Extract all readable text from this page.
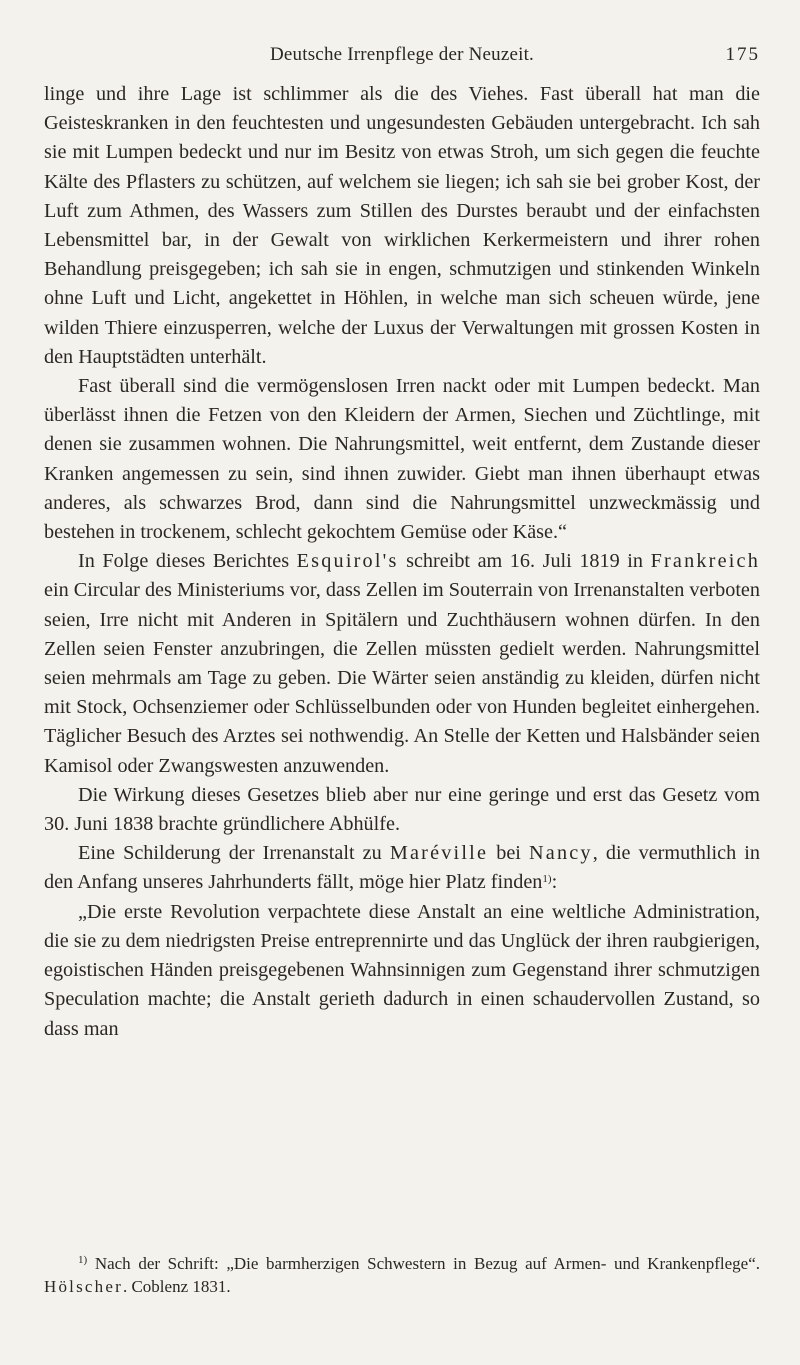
Deutsche Irrenpflege der Neuzeit.	175

linge und ihre Lage ist schlimmer als die des Viehes. Fast überall hat man die Geisteskranken in den feuchtesten und ungesundesten Gebäuden untergebracht. Ich sah sie mit Lumpen bedeckt und nur im Besitz von etwas Stroh, um sich gegen die feuchte Kälte des Pflasters zu schützen, auf welchem sie liegen; ich sah sie bei grober Kost, der Luft zum Athmen, des Wassers zum Stillen des Durstes beraubt und der einfachsten Lebensmittel bar, in der Gewalt von wirklichen Kerkermeistern und ihrer rohen Behandlung preisgegeben; ich sah sie in engen, schmutzigen und stinkenden Winkeln ohne Luft und Licht, angekettet in Höhlen, in welche man sich scheuen würde, jene wilden Thiere einzusperren, welche der Luxus der Verwaltungen mit grossen Kosten in den Hauptstädten unterhält.

Fast überall sind die vermögenslosen Irren nackt oder mit Lumpen bedeckt. Man überlässt ihnen die Fetzen von den Kleidern der Armen, Siechen und Züchtlinge, mit denen sie zusammen wohnen. Die Nahrungsmittel, weit entfernt, dem Zustande dieser Kranken angemessen zu sein, sind ihnen zuwider. Giebt man ihnen überhaupt etwas anderes, als schwarzes Brod, dann sind die Nahrungsmittel unzweckmässig und bestehen in trockenem, schlecht gekochtem Gemüse oder Käse.“

In Folge dieses Berichtes Esquirol's schreibt am 16. Juli 1819 in Frankreich ein Circular des Ministeriums vor, dass Zellen im Souterrain von Irrenanstalten verboten seien, Irre nicht mit Anderen in Spitälern und Zuchthäusern wohnen dürfen. In den Zellen seien Fenster anzubringen, die Zellen müssten gedielt werden. Nahrungsmittel seien mehrmals am Tage zu geben. Die Wärter seien anständig zu kleiden, dürfen nicht mit Stock, Ochsenziemer oder Schlüsselbunden oder von Hunden begleitet einhergehen. Täglicher Besuch des Arztes sei nothwendig. An Stelle der Ketten und Halsbänder seien Kamisol oder Zwangswesten anzuwenden.

Die Wirkung dieses Gesetzes blieb aber nur eine geringe und erst das Gesetz vom 30. Juni 1838 brachte gründlichere Abhülfe.

Eine Schilderung der Irrenanstalt zu Maréville bei Nancy, die vermuthlich in den Anfang unseres Jahrhunderts fällt, möge hier Platz finden$^{1)}$:

„Die erste Revolution verpachtete diese Anstalt an eine weltliche Administration, die sie zu dem niedrigsten Preise entreprennirte und das Unglück der ihren raubgierigen, egoistischen Händen preisgegebenen Wahnsinnigen zum Gegenstand ihrer schmutzigen Speculation machte; die Anstalt gerieth dadurch in einen schaudervollen Zustand, so dass man

$^{1)}$ Nach der Schrift: „Die barmherzigen Schwestern in Bezug auf Armen- und Krankenpflege“. Hölscher. Coblenz 1831.
